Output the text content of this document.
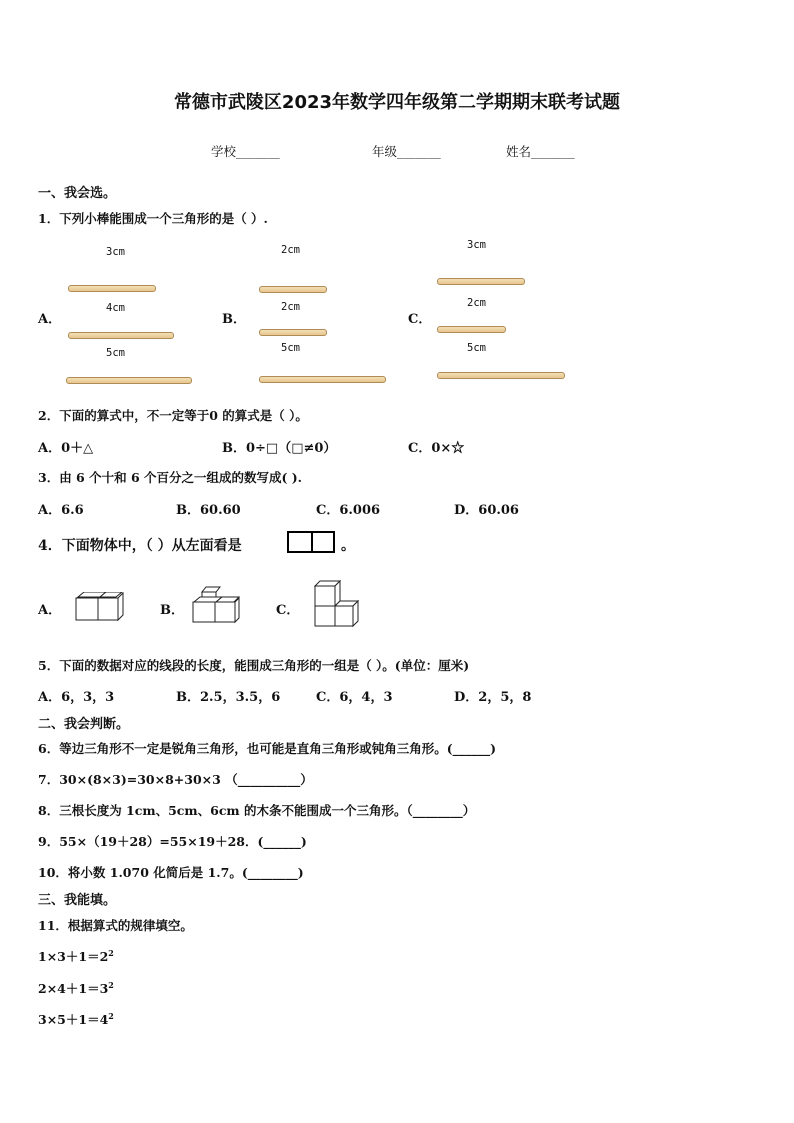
常德市武陵区2023年数学四年级第二学期期末联考试题
学校_______	年级_______	姓名_______
一、我会选。
1．下列小棒能围成一个三角形的是（ ）.
A．
3cm
4cm
5cm
B．
2cm
2cm
5cm
C．
3cm
2cm
5cm
2．下面的算式中，不一定等于0 的算式是（ ）。
A．0＋△	B．0÷□（□≠0）	C．0×☆
3．由 6 个十和 6 个百分之一组成的数写成( ).
A．6.6	B．60.60	C．6.006	D．60.06
4．下面物体中，（ ）从左面看是	。
A．	B．	C．
5．下面的数据对应的线段的长度，能围成三角形的一组是（ ）。(单位：厘米)
A．6，3，3	B．2.5，3.5，6	C．6，4，3	D．2，5，8
二、我会判断。
6．等边三角形不一定是锐角三角形，也可能是直角三角形或钝角三角形。(______)
7．30×(8×3)=30×8+30×3 （__________）
8．三根长度为 1cm、5cm、6cm 的木条不能围成一个三角形。（________）
9．55×（19＋28）=55×19＋28．(______)
10．将小数 1.070 化简后是 1.7。(________)
三、我能填。
11．根据算式的规律填空。
$1\times 3+1=2^2$
$2\times 4+1=3^2$
$3\times 5+1=4^2$
